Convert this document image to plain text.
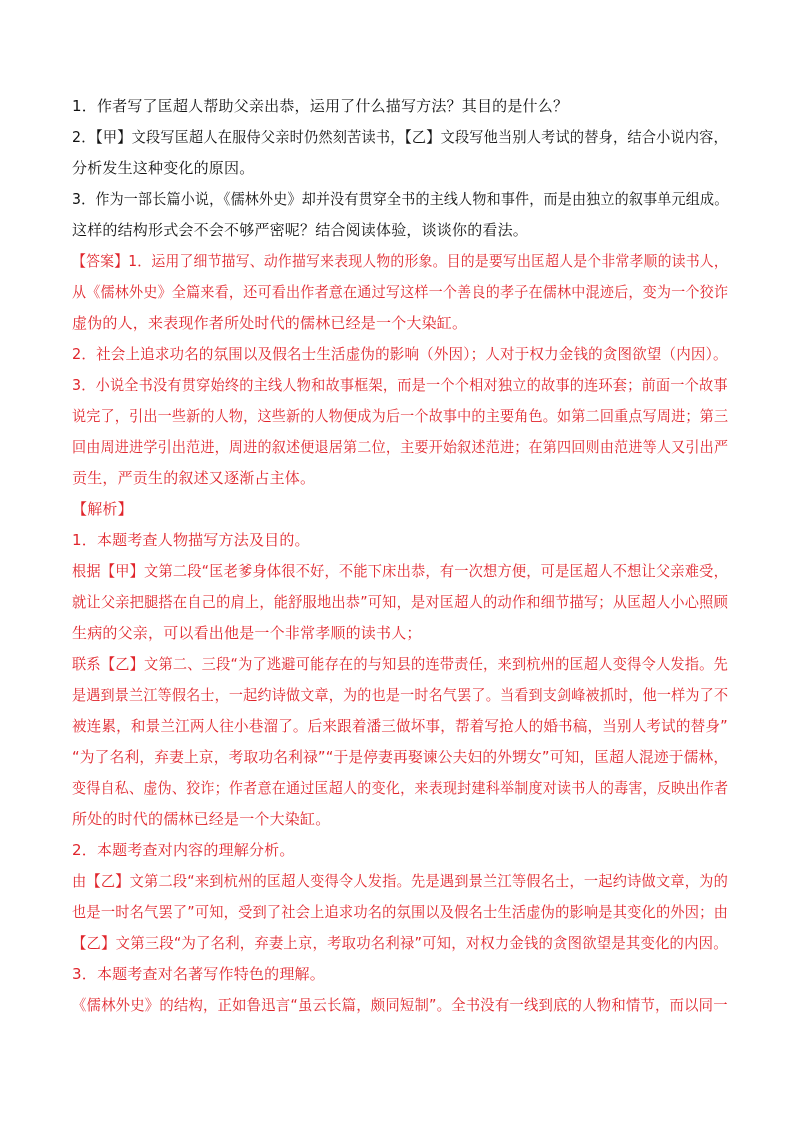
1．作者写了匡超人帮助父亲出恭，运用了什么描写方法？其目的是什么？
2．【甲】文段写匡超人在服侍父亲时仍然刻苦读书，【乙】文段写他当别人考试的替身，结合小说内容，
分析发生这种变化的原因。
3．作为一部长篇小说，《儒林外史》却并没有贯穿全书的主线人物和事件，而是由独立的叙事单元组成。
这样的结构形式会不会不够严密呢？结合阅读体验，谈谈你的看法。
【答案】1．运用了细节描写、动作描写来表现人物的形象。目的是要写出匡超人是个非常孝顺的读书人，
从《儒林外史》全篇来看，还可看出作者意在通过写这样一个善良的孝子在儒林中混迹后，变为一个狡诈
虚伪的人，来表现作者所处时代的儒林已经是一个大染缸。
2．社会上追求功名的氛围以及假名士生活虚伪的影响（外因）；人对于权力金钱的贪图欲望（内因）。
3．小说全书没有贯穿始终的主线人物和故事框架，而是一个个相对独立的故事的连环套；前面一个故事
说完了，引出一些新的人物，这些新的人物便成为后一个故事中的主要角色。如第二回重点写周进；第三
回由周进进学引出范进，周进的叙述便退居第二位，主要开始叙述范进；在第四回则由范进等人又引出严
贡生，严贡生的叙述又逐渐占主体。
【解析】
1．本题考查人物描写方法及目的。
根据【甲】文第二段“匡老爹身体很不好，不能下床出恭，有一次想方便，可是匡超人不想让父亲难受，
就让父亲把腿搭在自己的肩上，能舒服地出恭”可知，是对匡超人的动作和细节描写；从匡超人小心照顾
生病的父亲，可以看出他是一个非常孝顺的读书人；
联系【乙】文第二、三段“为了逃避可能存在的与知县的连带责任，来到杭州的匡超人变得令人发指。先
是遇到景兰江等假名士，一起约诗做文章，为的也是一时名气罢了。当看到支剑峰被抓时，他一样为了不
被连累，和景兰江两人往小巷溜了。后来跟着潘三做坏事，帮着写抢人的婚书稿，当别人考试的替身”
“为了名利，弃妻上京，考取功名利禄”“于是停妻再娶谏公夫妇的外甥女”可知，匡超人混迹于儒林，
变得自私、虚伪、狡诈；作者意在通过匡超人的变化，来表现封建科举制度对读书人的毒害，反映出作者
所处的时代的儒林已经是一个大染缸。
2．本题考查对内容的理解分析。
由【乙】文第二段“来到杭州的匡超人变得令人发指。先是遇到景兰江等假名士，一起约诗做文章，为的
也是一时名气罢了”可知，受到了社会上追求功名的氛围以及假名士生活虚伪的影响是其变化的外因；由
【乙】文第三段“为了名利，弃妻上京，考取功名利禄”可知，对权力金钱的贪图欲望是其变化的内因。
3．本题考查对名著写作特色的理解。
《儒林外史》的结构，正如鲁迅言“虽云长篇，颇同短制”。全书没有一线到底的人物和情节，而以同一
